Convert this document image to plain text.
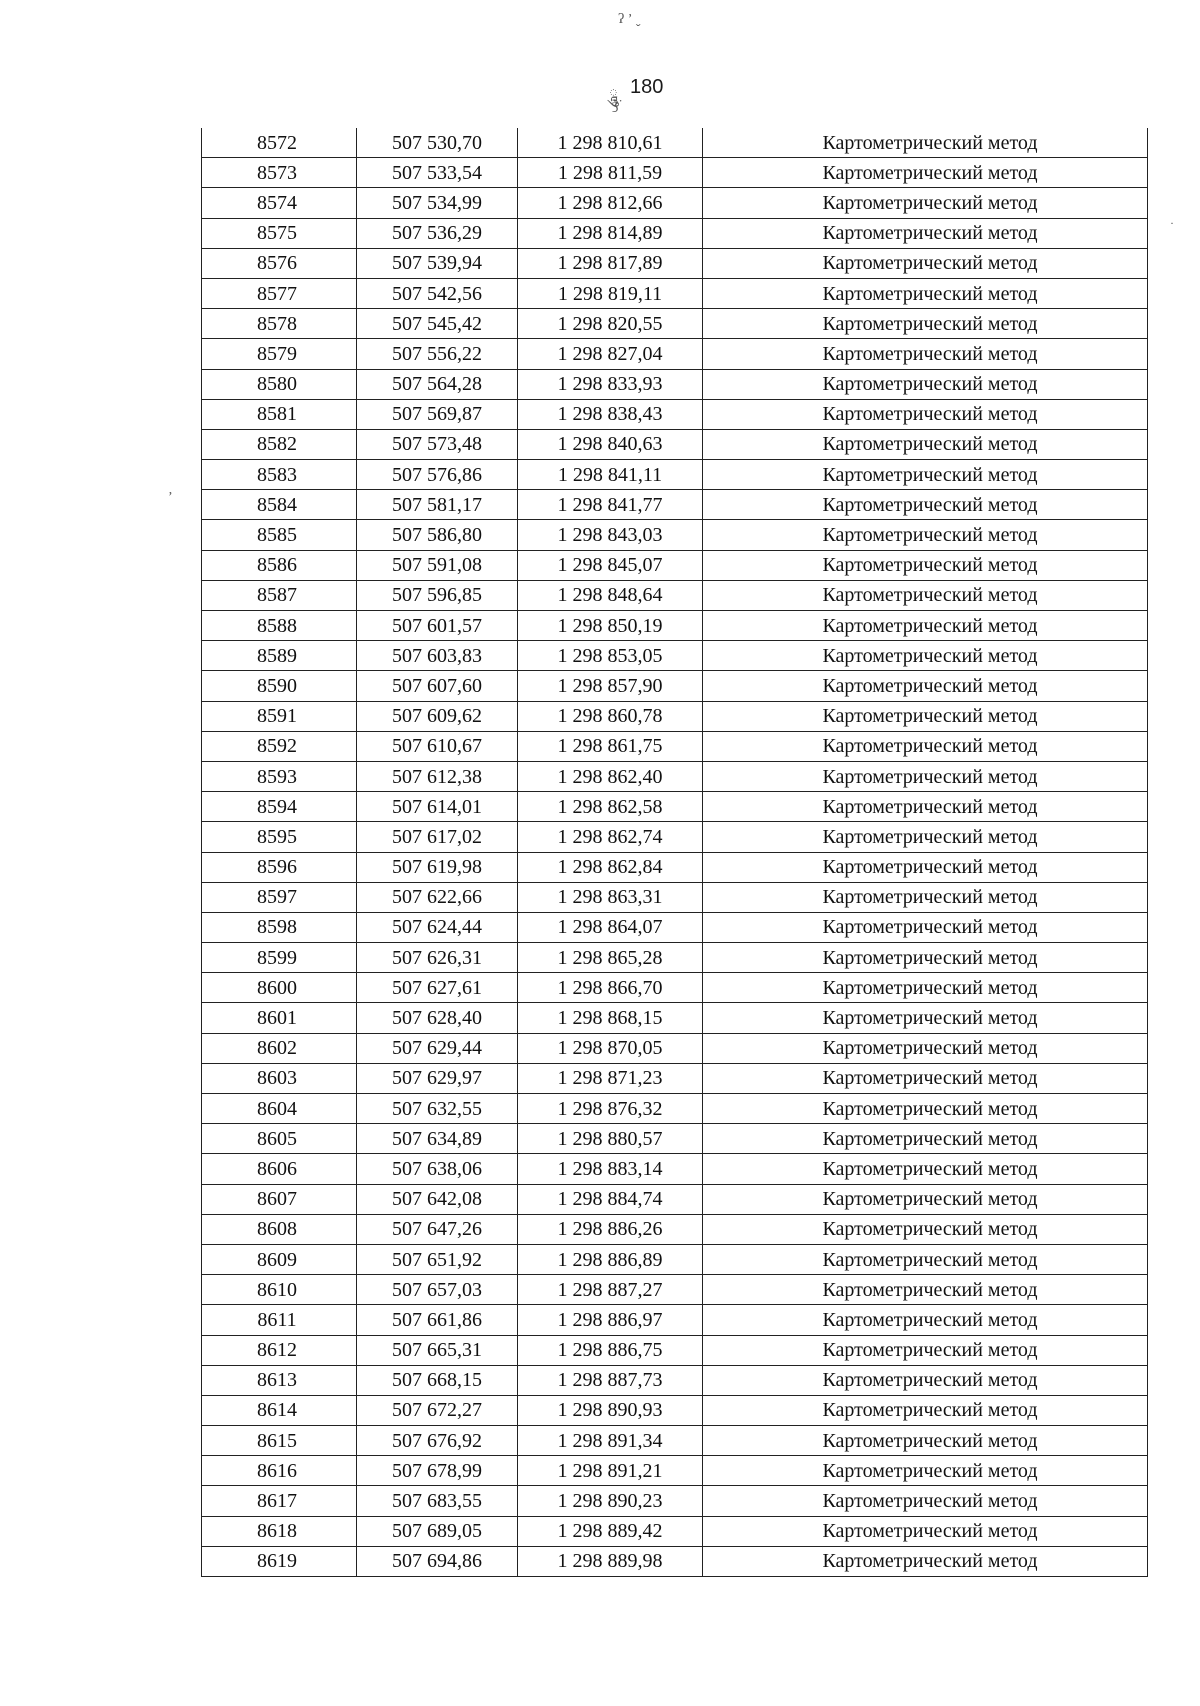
ʔ ʼ ˬ
ཱུ 180
ǯ˙
·
ʼ
8572	507 530,70	1 298 810,61	Картометрический метод
8573	507 533,54	1 298 811,59	Картометрический метод
8574	507 534,99	1 298 812,66	Картометрический метод
8575	507 536,29	1 298 814,89	Картометрический метод
8576	507 539,94	1 298 817,89	Картометрический метод
8577	507 542,56	1 298 819,11	Картометрический метод
8578	507 545,42	1 298 820,55	Картометрический метод
8579	507 556,22	1 298 827,04	Картометрический метод
8580	507 564,28	1 298 833,93	Картометрический метод
8581	507 569,87	1 298 838,43	Картометрический метод
8582	507 573,48	1 298 840,63	Картометрический метод
8583	507 576,86	1 298 841,11	Картометрический метод
8584	507 581,17	1 298 841,77	Картометрический метод
8585	507 586,80	1 298 843,03	Картометрический метод
8586	507 591,08	1 298 845,07	Картометрический метод
8587	507 596,85	1 298 848,64	Картометрический метод
8588	507 601,57	1 298 850,19	Картометрический метод
8589	507 603,83	1 298 853,05	Картометрический метод
8590	507 607,60	1 298 857,90	Картометрический метод
8591	507 609,62	1 298 860,78	Картометрический метод
8592	507 610,67	1 298 861,75	Картометрический метод
8593	507 612,38	1 298 862,40	Картометрический метод
8594	507 614,01	1 298 862,58	Картометрический метод
8595	507 617,02	1 298 862,74	Картометрический метод
8596	507 619,98	1 298 862,84	Картометрический метод
8597	507 622,66	1 298 863,31	Картометрический метод
8598	507 624,44	1 298 864,07	Картометрический метод
8599	507 626,31	1 298 865,28	Картометрический метод
8600	507 627,61	1 298 866,70	Картометрический метод
8601	507 628,40	1 298 868,15	Картометрический метод
8602	507 629,44	1 298 870,05	Картометрический метод
8603	507 629,97	1 298 871,23	Картометрический метод
8604	507 632,55	1 298 876,32	Картометрический метод
8605	507 634,89	1 298 880,57	Картометрический метод
8606	507 638,06	1 298 883,14	Картометрический метод
8607	507 642,08	1 298 884,74	Картометрический метод
8608	507 647,26	1 298 886,26	Картометрический метод
8609	507 651,92	1 298 886,89	Картометрический метод
8610	507 657,03	1 298 887,27	Картометрический метод
8611	507 661,86	1 298 886,97	Картометрический метод
8612	507 665,31	1 298 886,75	Картометрический метод
8613	507 668,15	1 298 887,73	Картометрический метод
8614	507 672,27	1 298 890,93	Картометрический метод
8615	507 676,92	1 298 891,34	Картометрический метод
8616	507 678,99	1 298 891,21	Картометрический метод
8617	507 683,55	1 298 890,23	Картометрический метод
8618	507 689,05	1 298 889,42	Картометрический метод
8619	507 694,86	1 298 889,98	Картометрический метод
